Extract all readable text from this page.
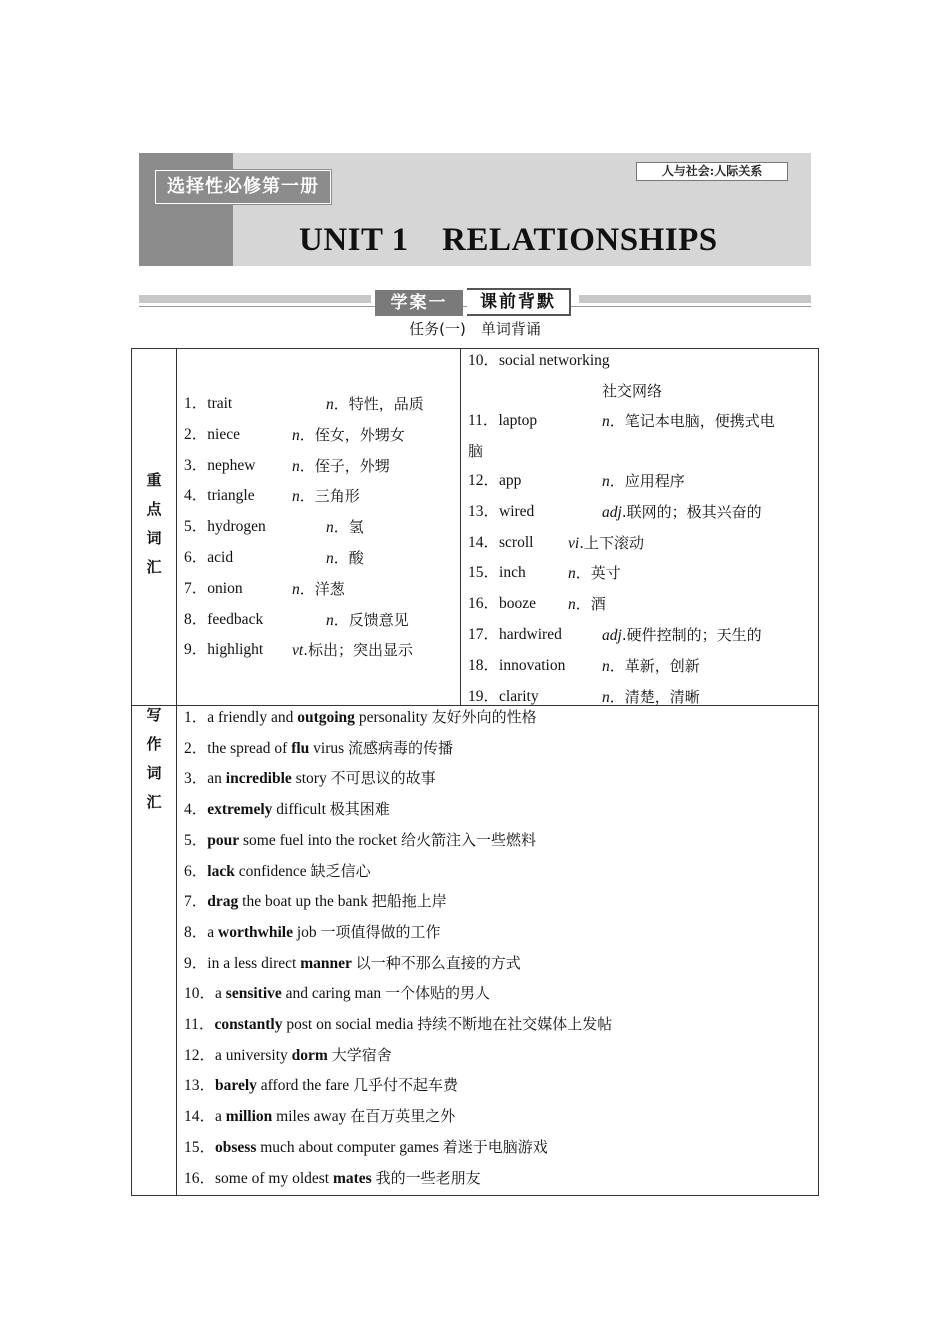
选择性必修第一册
人与社会:人际关系
UNIT 1　RELATIONSHIPS
学案一	课前背默
任务(一)　单词背诵
重
点
词
汇
写
作
词
汇
1．trait	n．特性，品质
2．niece	n．侄女，外甥女
3．nephew n．侄子，外甥
4．triangle n．三角形
5．hydrogen	n．氢
6．acid	n．酸
7．onion	n．洋葱
8．feedback	n．反馈意见
9．highlight vt.标出；突出显示
10．social networking
社交网络
11．laptop	n．笔记本电脑，便携式电
脑
12．app	n．应用程序
13．wired	adj.联网的；极其兴奋的
14．scroll vi.上下滚动
15．inch	n．英寸
16．booze n．酒
17．hardwired	adj.硬件控制的；天生的
18．innovation n．革新，创新
19．clarity	n．清楚，清晰
1．a friendly and outgoing personality 友好外向的性格
2．the spread of flu virus 流感病毒的传播
3．an incredible story 不可思议的故事
4．extremely difficult 极其困难
5．pour some fuel into the rocket 给火箭注入一些燃料
6．lack confidence 缺乏信心
7．drag the boat up the bank 把船拖上岸
8．a worthwhile job 一项值得做的工作
9．in a less direct manner 以一种不那么直接的方式
10．a sensitive and caring man 一个体贴的男人
11．constantly post on social media 持续不断地在社交媒体上发帖
12．a university dorm 大学宿舍
13．barely afford the fare 几乎付不起车费
14．a million miles away 在百万英里之外
15．obsess much about computer games 着迷于电脑游戏
16．some of my oldest mates 我的一些老朋友
